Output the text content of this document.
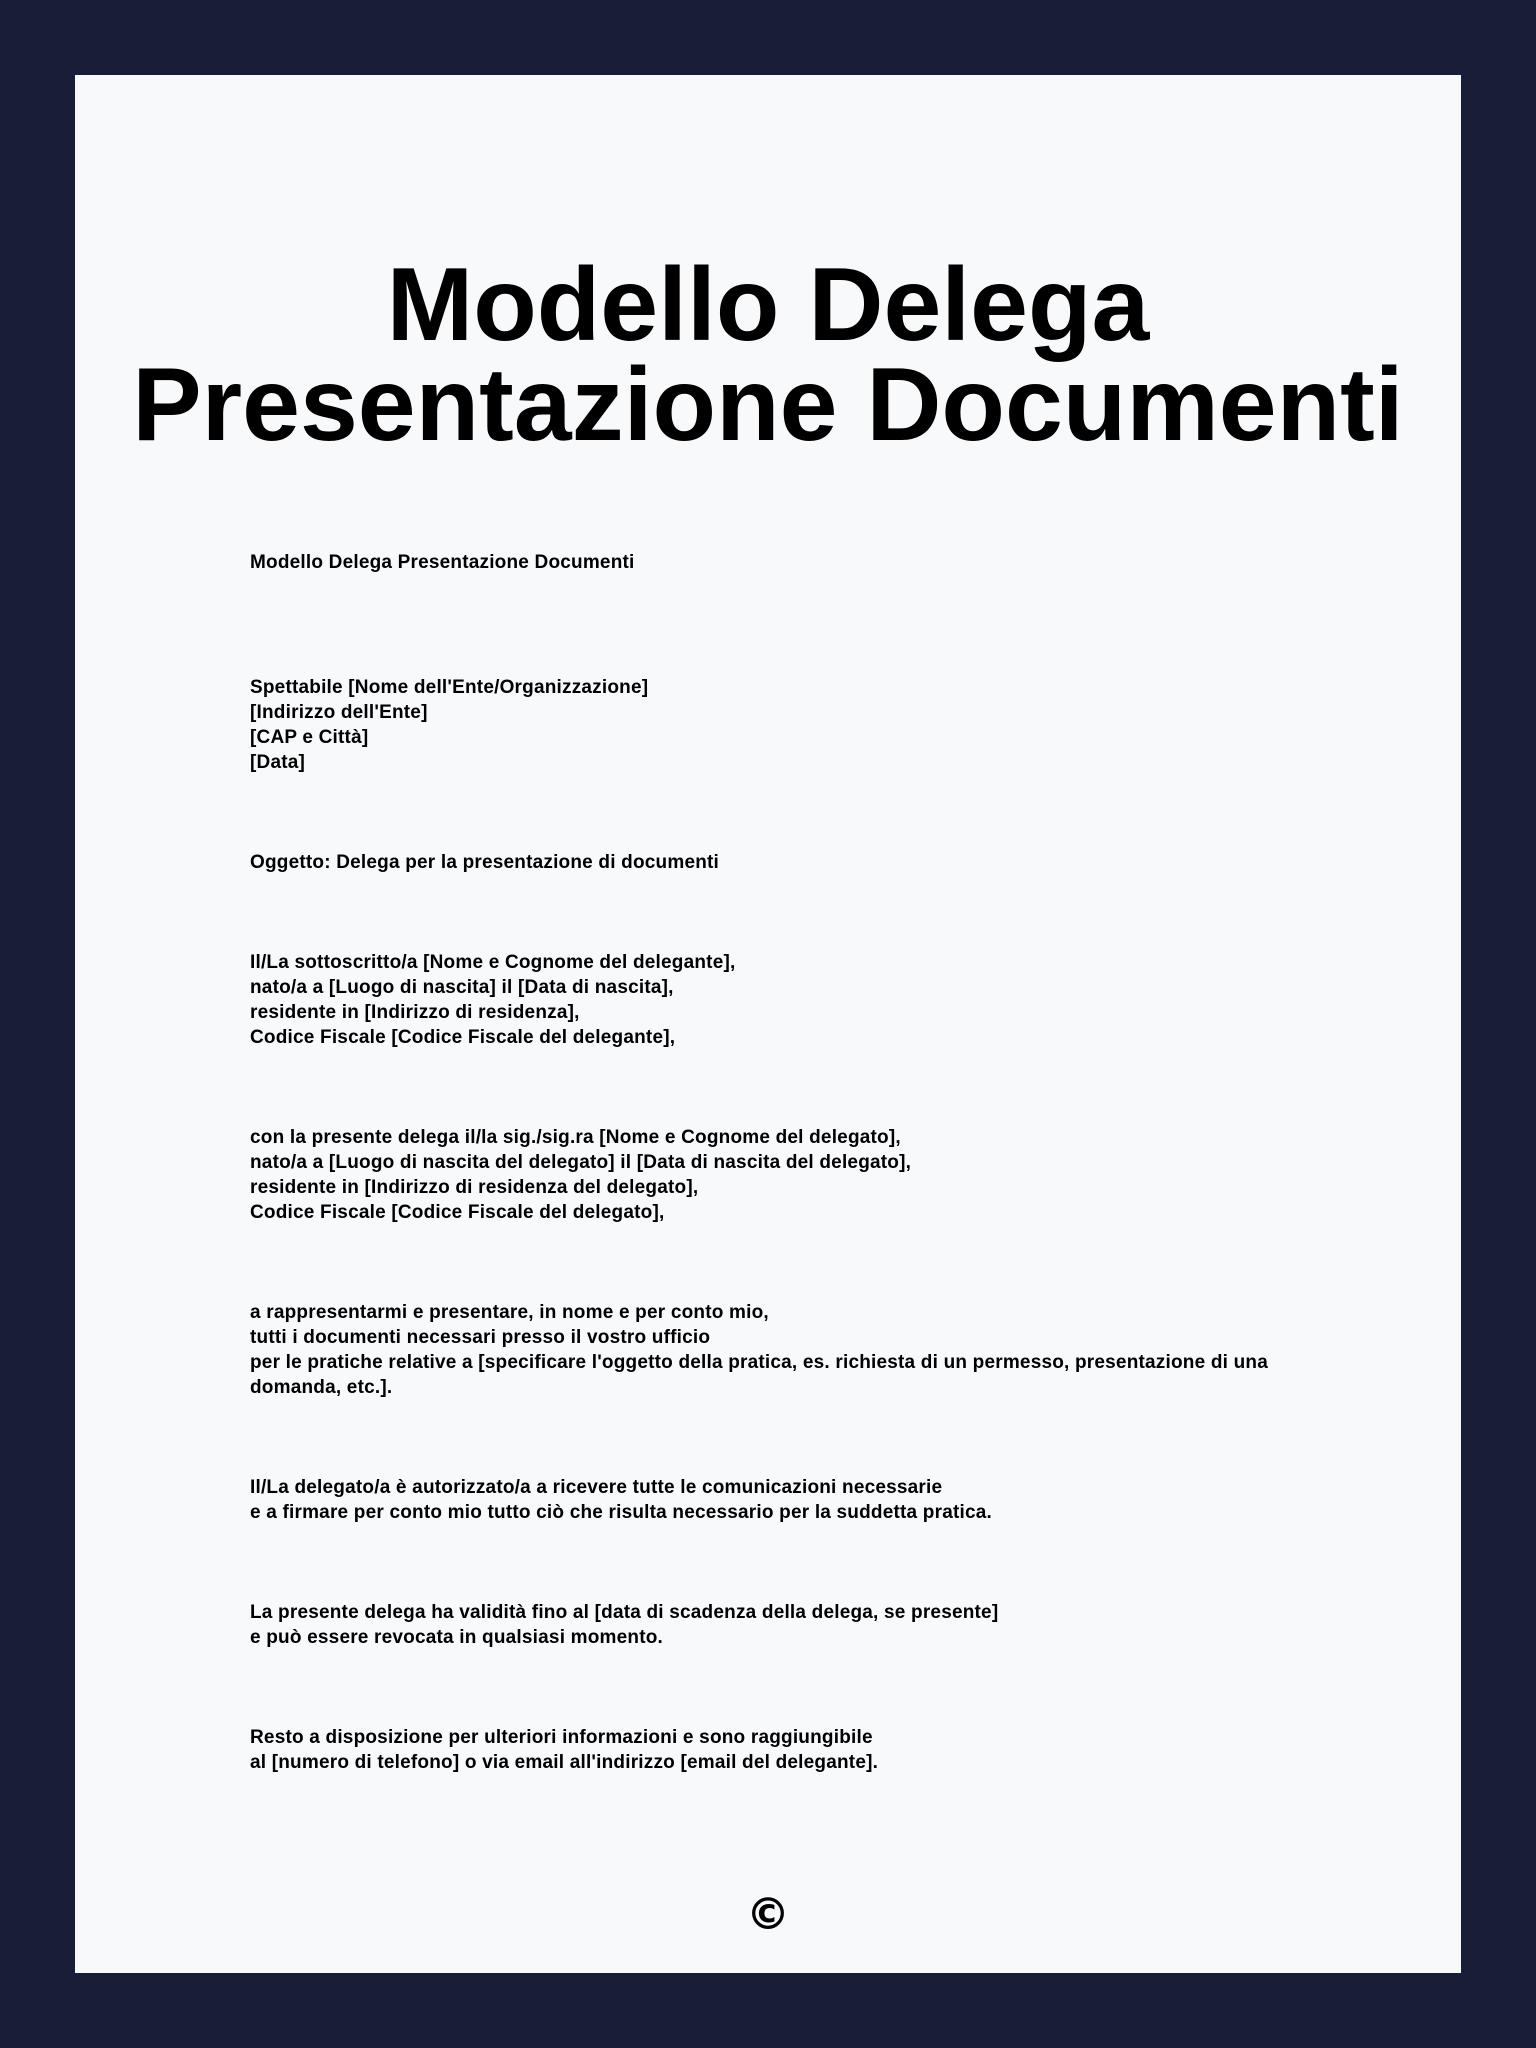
Modello Delega
Presentazione Documenti

Modello Delega Presentazione Documenti

Spettabile [Nome dell'Ente/Organizzazione]
[Indirizzo dell'Ente]
[CAP e Città]
[Data]

Oggetto: Delega per la presentazione di documenti

Il/La sottoscritto/a [Nome e Cognome del delegante],
nato/a a [Luogo di nascita] il [Data di nascita],
residente in [Indirizzo di residenza],
Codice Fiscale [Codice Fiscale del delegante],

con la presente delega il/la sig./sig.ra [Nome e Cognome del delegato],
nato/a a [Luogo di nascita del delegato] il [Data di nascita del delegato],
residente in [Indirizzo di residenza del delegato],
Codice Fiscale [Codice Fiscale del delegato],

a rappresentarmi e presentare, in nome e per conto mio,
tutti i documenti necessari presso il vostro ufficio
per le pratiche relative a [specificare l'oggetto della pratica, es. richiesta di un permesso, presentazione di una domanda, etc.].

Il/La delegato/a è autorizzato/a a ricevere tutte le comunicazioni necessarie
e a firmare per conto mio tutto ciò che risulta necessario per la suddetta pratica.

La presente delega ha validità fino al [data di scadenza della delega, se presente]
e può essere revocata in qualsiasi momento.

Resto a disposizione per ulteriori informazioni e sono raggiungibile
al [numero di telefono] o via email all'indirizzo [email del delegante].

©
